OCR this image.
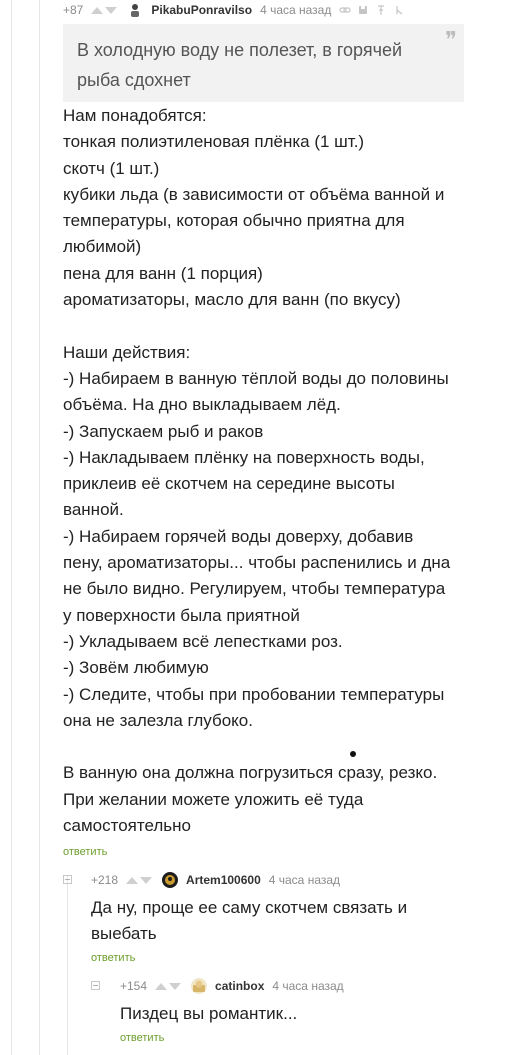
+87	PikabuPonravilso 4 часа назад
❞
В холодную воду не полезет, в горячей
рыба сдохнет
Нам понадобятся:
тонкая полиэтиленовая плёнка (1 шт.)
скотч (1 шт.)
кубики льда (в зависимости от объёма ванной и
температуры, которая обычно приятна для
любимой)
пена для ванн (1 порция)
ароматизаторы, масло для ванн (по вкусу)
Наши действия:
-) Набираем в ванную тёплой воды до половины
объёма. На дно выкладываем лёд.
-) Запускаем рыб и раков
-) Накладываем плёнку на поверхность воды,
приклеив её скотчем на середине высоты
ванной.
-) Набираем горячей воды доверху, добавив
пену, ароматизаторы... чтобы распенились и дна
не было видно. Регулируем, чтобы температура
у поверхности была приятной
-) Укладываем всё лепестками роз.
-) Зовём любимую
-) Следите, чтобы при пробовании температуры
она не залезла глубоко.
В ванную она должна погрузиться сразу, резко.
При желании можете уложить её туда
самостоятельно
ответить
+218	Artem100600 4 часа назад
Да ну, проще ее саму скотчем связать и
выебать
ответить
+154	catinbox 4 часа назад
Пиздец вы романтик...
ответить
